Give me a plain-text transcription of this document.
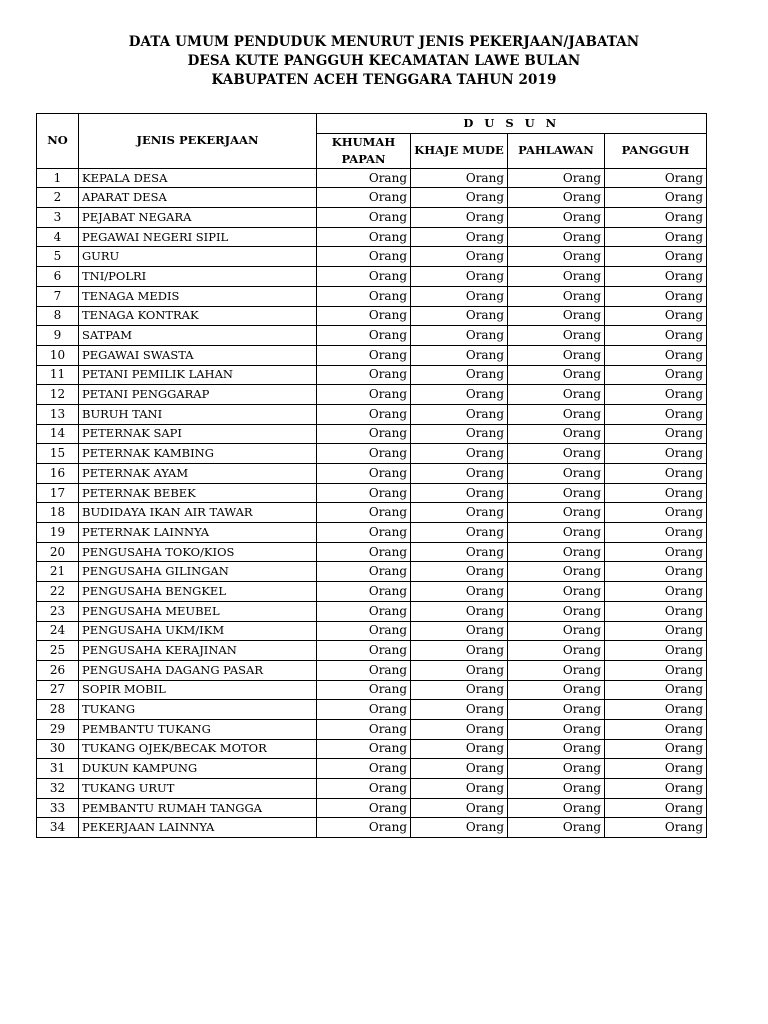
DATA UMUM PENDUDUK MENURUT JENIS PEKERJAAN/JABATAN
DESA KUTE PANGGUH KECAMATAN LAWE BULAN
KABUPATEN ACEH TENGGARA TAHUN 2019
NO	JENIS PEKERJAAN	D U S U N			
		KHUMAH PAPAN	KHAJE MUDE	PAHLAWAN	PANGGUH
1	KEPALA DESA	Orang	Orang	Orang	Orang
2	APARAT DESA	Orang	Orang	Orang	Orang
3	PEJABAT NEGARA	Orang	Orang	Orang	Orang
4	PEGAWAI NEGERI SIPIL	Orang	Orang	Orang	Orang
5	GURU	Orang	Orang	Orang	Orang
6	TNI/POLRI	Orang	Orang	Orang	Orang
7	TENAGA MEDIS	Orang	Orang	Orang	Orang
8	TENAGA KONTRAK	Orang	Orang	Orang	Orang
9	SATPAM	Orang	Orang	Orang	Orang
10	PEGAWAI SWASTA	Orang	Orang	Orang	Orang
11	PETANI PEMILIK LAHAN	Orang	Orang	Orang	Orang
12	PETANI PENGGARAP	Orang	Orang	Orang	Orang
13	BURUH TANI	Orang	Orang	Orang	Orang
14	PETERNAK SAPI	Orang	Orang	Orang	Orang
15	PETERNAK KAMBING	Orang	Orang	Orang	Orang
16	PETERNAK AYAM	Orang	Orang	Orang	Orang
17	PETERNAK BEBEK	Orang	Orang	Orang	Orang
18	BUDIDAYA IKAN AIR TAWAR	Orang	Orang	Orang	Orang
19	PETERNAK LAINNYA	Orang	Orang	Orang	Orang
20	PENGUSAHA TOKO/KIOS	Orang	Orang	Orang	Orang
21	PENGUSAHA GILINGAN	Orang	Orang	Orang	Orang
22	PENGUSAHA BENGKEL	Orang	Orang	Orang	Orang
23	PENGUSAHA MEUBEL	Orang	Orang	Orang	Orang
24	PENGUSAHA UKM/IKM	Orang	Orang	Orang	Orang
25	PENGUSAHA KERAJINAN	Orang	Orang	Orang	Orang
26	PENGUSAHA DAGANG PASAR	Orang	Orang	Orang	Orang
27	SOPIR MOBIL	Orang	Orang	Orang	Orang
28	TUKANG	Orang	Orang	Orang	Orang
29	PEMBANTU TUKANG	Orang	Orang	Orang	Orang
30	TUKANG OJEK/BECAK MOTOR	Orang	Orang	Orang	Orang
31	DUKUN KAMPUNG	Orang	Orang	Orang	Orang
32	TUKANG URUT	Orang	Orang	Orang	Orang
33	PEMBANTU RUMAH TANGGA	Orang	Orang	Orang	Orang
34	PEKERJAAN LAINNYA	Orang	Orang	Orang	Orang
